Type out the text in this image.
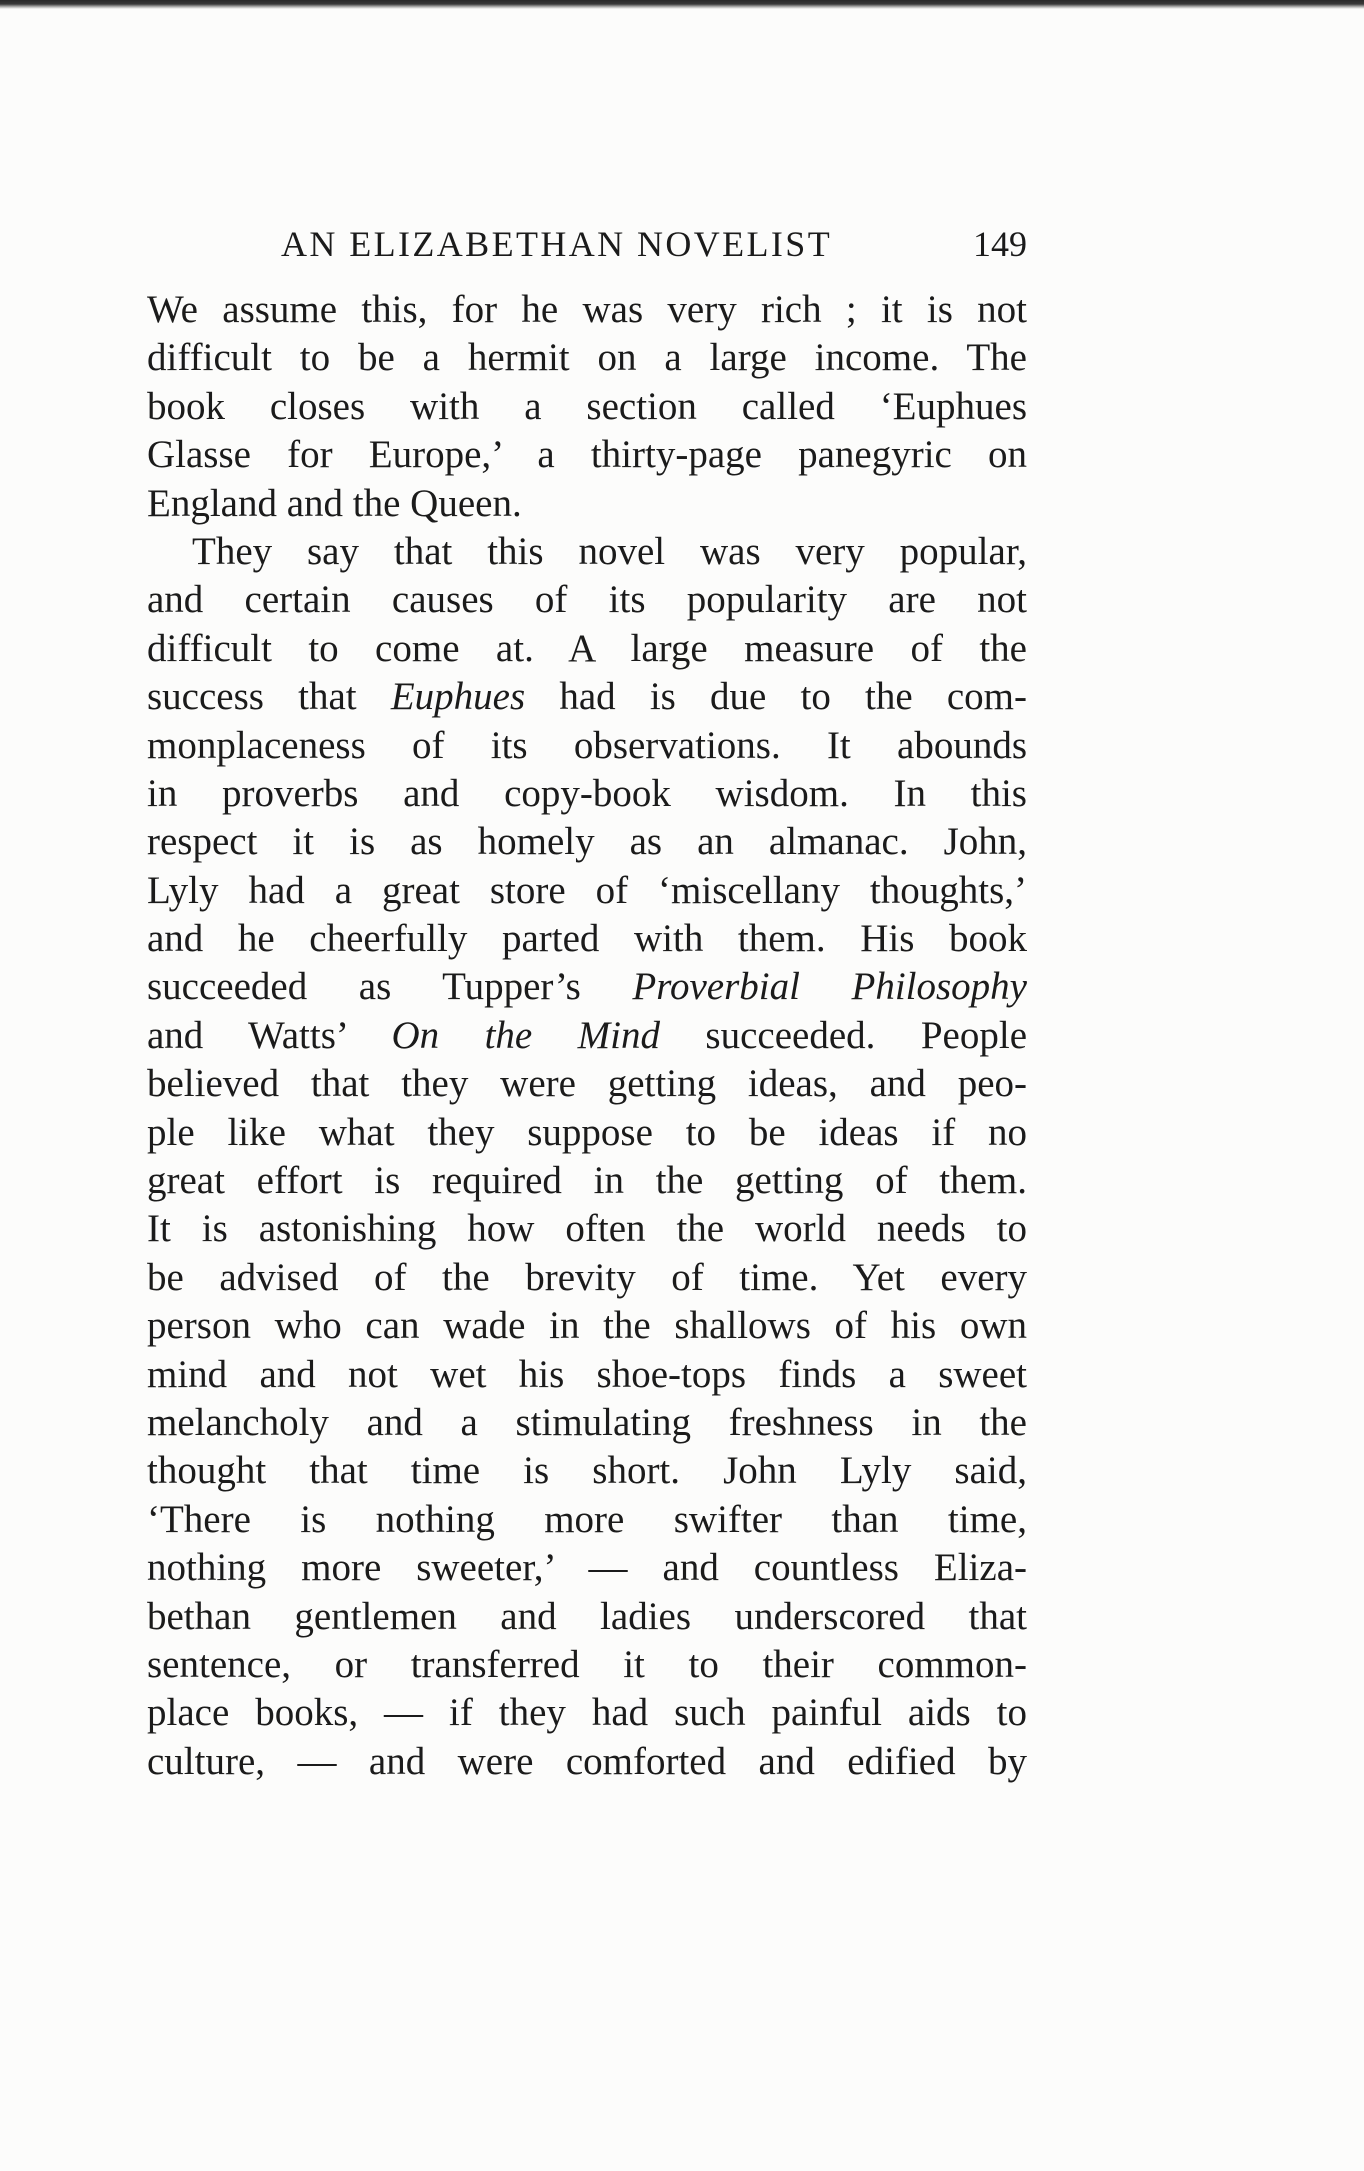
AN ELIZABETHAN NOVELIST	149
We assume this, for he was very rich ; it is not
difficult to be a hermit on a large income. The
book closes with a section called ‘Euphues
Glasse for Europe,’ a thirty-page panegyric on
England and the Queen.
They say that this novel was very popular,
and certain causes of its popularity are not
difficult to come at. A large measure of the
success that Euphues had is due to the com-
monplaceness of its observations. It abounds
in proverbs and copy-book wisdom. In this
respect it is as homely as an almanac. John,
Lyly had a great store of ‘miscellany thoughts,’
and he cheerfully parted with them. His book
succeeded as Tupper’s Proverbial Philosophy
and Watts’ On the Mind succeeded. People
believed that they were getting ideas, and peo-
ple like what they suppose to be ideas if no
great effort is required in the getting of them.
It is astonishing how often the world needs to
be advised of the brevity of time. Yet every
person who can wade in the shallows of his own
mind and not wet his shoe-tops finds a sweet
melancholy and a stimulating freshness in the
thought that time is short. John Lyly said,
‘There is nothing more swifter than time,
nothing more sweeter,’ — and countless Eliza-
bethan gentlemen and ladies underscored that
sentence, or transferred it to their common-
place books, — if they had such painful aids to
culture, — and were comforted and edified by
